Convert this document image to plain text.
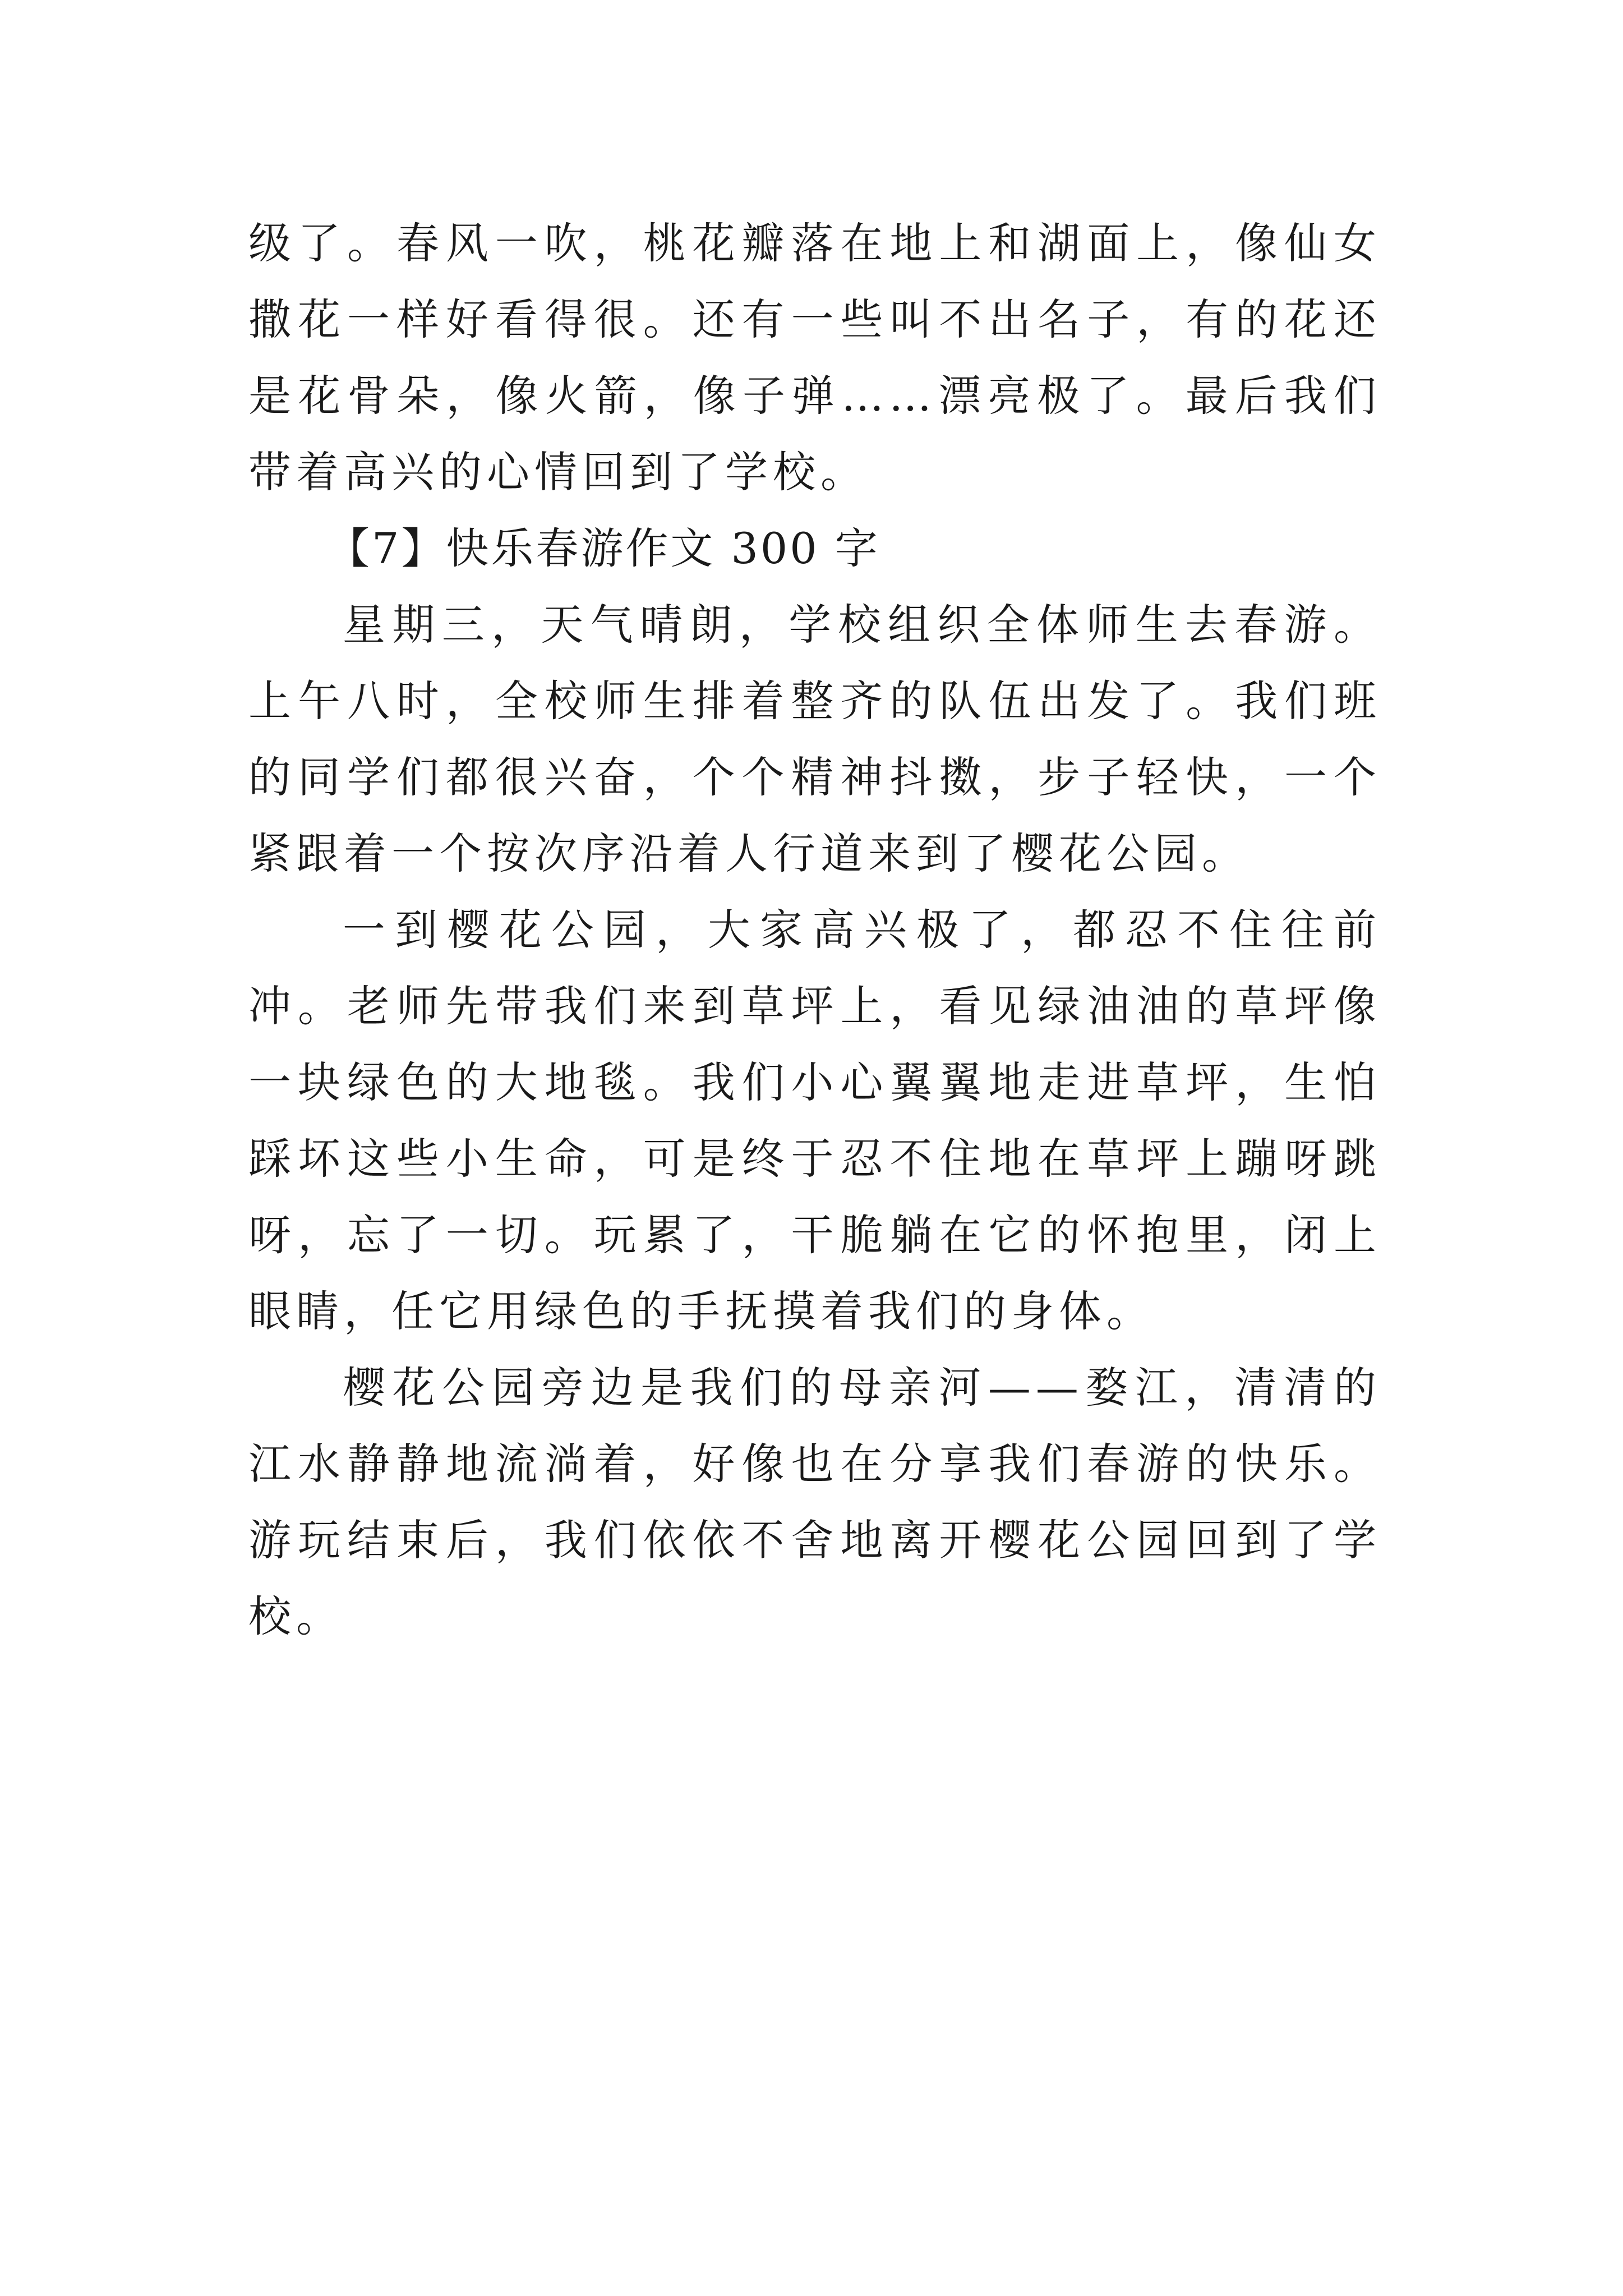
级了。春风一吹，桃花瓣落在地上和湖面上，像仙女撒花一样好看得很。还有一些叫不出名子，有的花还是花骨朵，像火箭，像子弹……漂亮极了。最后我们带着高兴的心情回到了学校。

【7】快乐春游作文 300 字

星期三，天气晴朗，学校组织全体师生去春游。上午八时，全校师生排着整齐的队伍出发了。我们班的同学们都很兴奋，个个精神抖擞，步子轻快，一个紧跟着一个按次序沿着人行道来到了樱花公园。

一到樱花公园，大家高兴极了，都忍不住往前冲。老师先带我们来到草坪上，看见绿油油的草坪像一块绿色的大地毯。我们小心翼翼地走进草坪，生怕踩坏这些小生命，可是终于忍不住地在草坪上蹦呀跳呀，忘了一切。玩累了，干脆躺在它的怀抱里，闭上眼睛，任它用绿色的手抚摸着我们的身体。

樱花公园旁边是我们的母亲河——婺江，清清的江水静静地流淌着，好像也在分享我们春游的快乐。游玩结束后，我们依依不舍地离开樱花公园回到了学校。
